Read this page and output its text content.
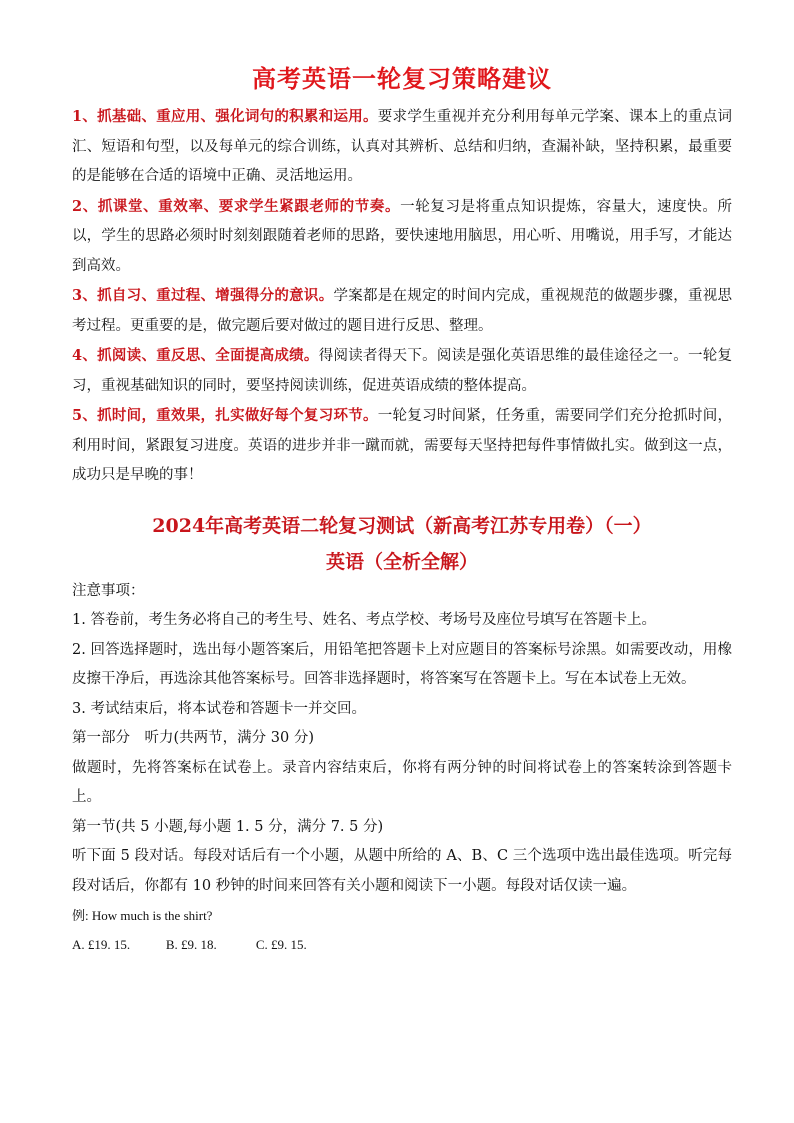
高考英语一轮复习策略建议

1、抓基础、重应用、强化词句的积累和运用。要求学生重视并充分利用每单元学案、课本上的重点词汇、短语和句型，以及每单元的综合训练，认真对其辨析、总结和归纳，查漏补缺，坚持积累，最重要的是能够在合适的语境中正确、灵活地运用。

2、抓课堂、重效率、要求学生紧跟老师的节奏。一轮复习是将重点知识提炼，容量大，速度快。所以，学生的思路必须时时刻刻跟随着老师的思路，要快速地用脑思，用心听、用嘴说，用手写，才能达到高效。

3、抓自习、重过程、增强得分的意识。学案都是在规定的时间内完成，重视规范的做题步骤，重视思考过程。更重要的是，做完题后要对做过的题目进行反思、整理。

4、抓阅读、重反思、全面提高成绩。得阅读者得天下。阅读是强化英语思维的最佳途径之一。一轮复习，重视基础知识的同时，要坚持阅读训练，促进英语成绩的整体提高。

5、抓时间，重效果，扎实做好每个复习环节。一轮复习时间紧，任务重，需要同学们充分抢抓时间，利用时间，紧跟复习进度。英语的进步并非一蹴而就，需要每天坚持把每件事情做扎实。做到这一点，成功只是早晚的事！

2024年高考英语二轮复习测试（新高考江苏专用卷）（一）
英语（全析全解）

注意事项：

1. 答卷前，考生务必将自己的考生号、姓名、考点学校、考场号及座位号填写在答题卡上。

2. 回答选择题时，选出每小题答案后，用铅笔把答题卡上对应题目的答案标号涂黑。如需要改动，用橡皮擦干净后，再选涂其他答案标号。回答非选择题时，将答案写在答题卡上。写在本试卷上无效。

3. 考试结束后，将本试卷和答题卡一并交回。

第一部分　听力(共两节，满分 30 分)

做题时，先将答案标在试卷上。录音内容结束后，你将有两分钟的时间将试卷上的答案转涂到答题卡上。

第一节(共 5 小题,每小题 1. 5 分，满分 7. 5 分)

听下面 5 段对话。每段对话后有一个小题，从题中所给的 A、B、C 三个选项中选出最佳选项。听完每段对话后，你都有 10 秒钟的时间来回答有关小题和阅读下一小题。每段对话仅读一遍。

例: How much is the shirt?

A. £19. 15.	B. £9. 18.	C. £9. 15.
